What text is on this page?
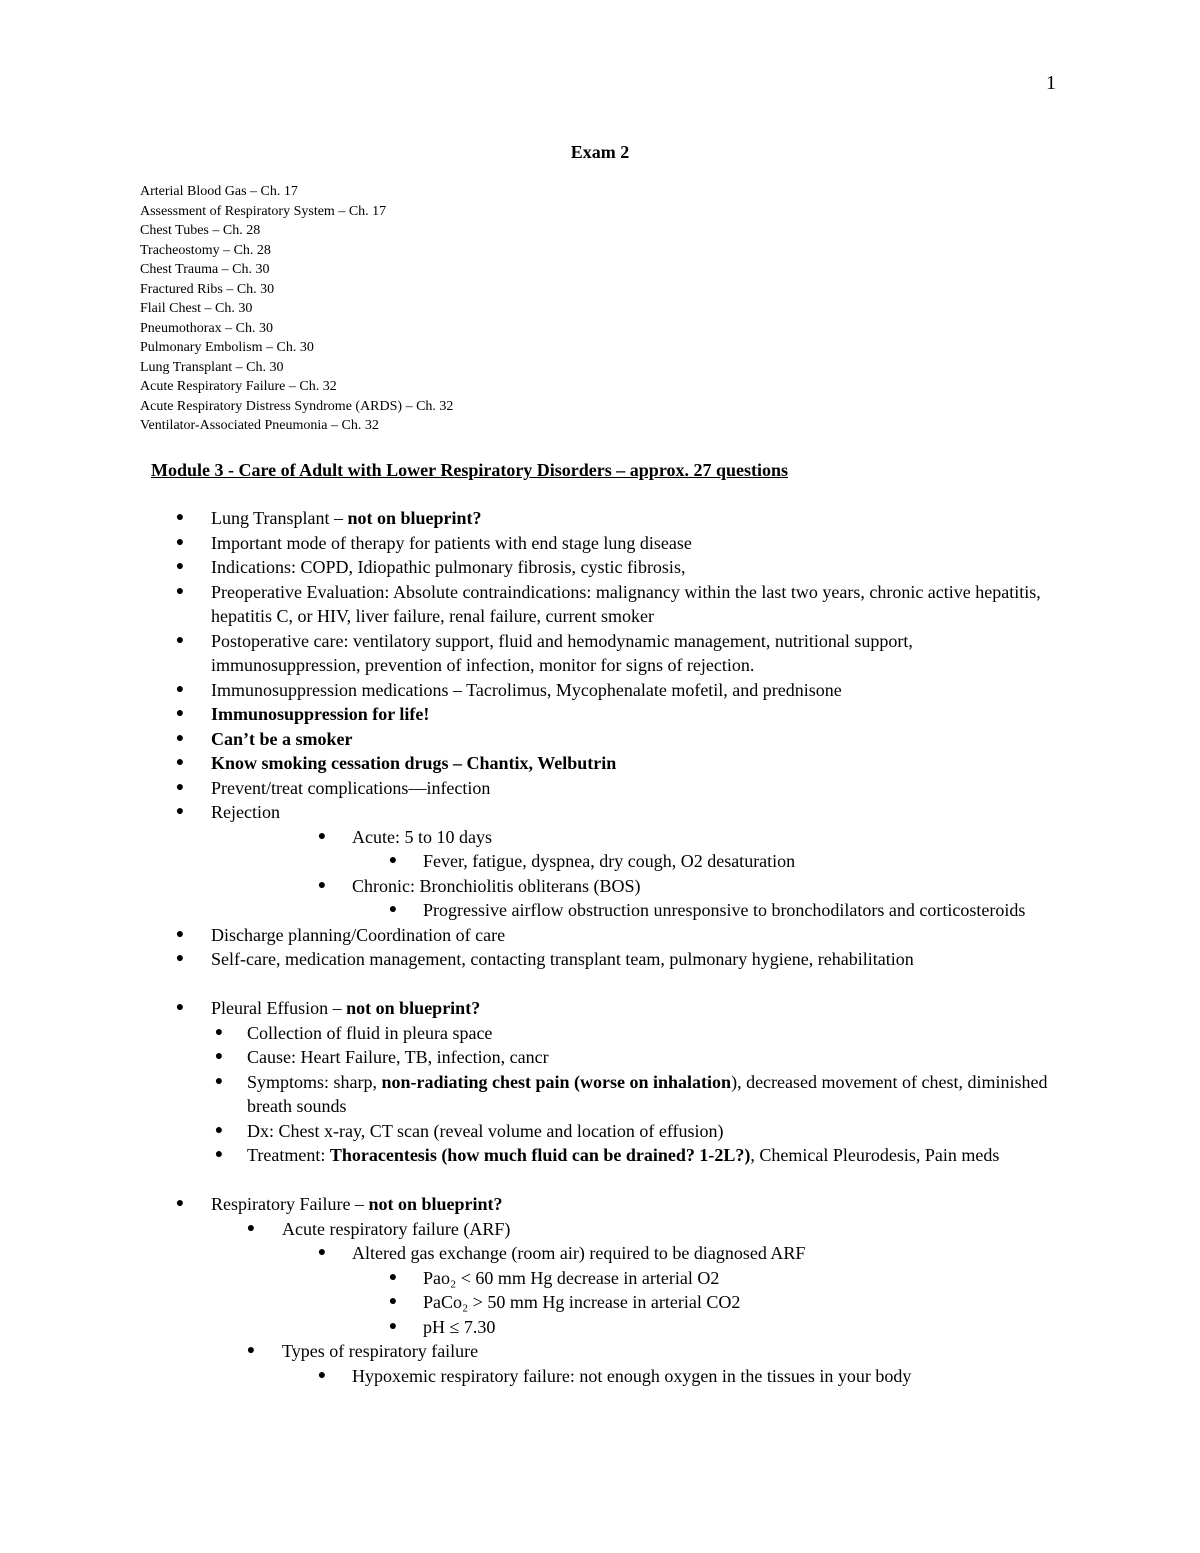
1
Exam 2
Arterial Blood Gas – Ch. 17
Assessment of Respiratory System – Ch. 17
Chest Tubes – Ch. 28
Tracheostomy – Ch. 28
Chest Trauma – Ch. 30
Fractured Ribs – Ch. 30
Flail Chest – Ch. 30
Pneumothorax – Ch. 30
Pulmonary Embolism – Ch. 30
Lung Transplant – Ch. 30
Acute Respiratory Failure – Ch. 32
Acute Respiratory Distress Syndrome (ARDS) – Ch. 32
Ventilator-Associated Pneumonia – Ch. 32
Module 3 - Care of Adult with Lower Respiratory Disorders – approx. 27 questions
●	Lung Transplant – not on blueprint?
●	Important mode of therapy for patients with end stage lung disease
●	Indications: COPD, Idiopathic pulmonary fibrosis, cystic fibrosis,
●	Preoperative Evaluation: Absolute contraindications: malignancy within the last two years, chronic active hepatitis, hepatitis C, or HIV, liver failure, renal failure, current smoker
●	Postoperative care: ventilatory support, fluid and hemodynamic management, nutritional support, immunosuppression, prevention of infection, monitor for signs of rejection.
●	Immunosuppression medications – Tacrolimus, Mycophenalate mofetil, and prednisone
●	Immunosuppression for life!
●	Can’t be a smoker
●	Know smoking cessation drugs – Chantix, Welbutrin
●	Prevent/treat complications—infection
●	Rejection
●	Acute: 5 to 10 days
●	Fever, fatigue, dyspnea, dry cough, O2 desaturation
●	Chronic: Bronchiolitis obliterans (BOS)
●	Progressive airflow obstruction unresponsive to bronchodilators and corticosteroids
●	Discharge planning/Coordination of care
●	Self-care, medication management, contacting transplant team, pulmonary hygiene, rehabilitation
●	Pleural Effusion – not on blueprint?
●	Collection of fluid in pleura space
●	Cause: Heart Failure, TB, infection, cancr
●	Symptoms: sharp, non-radiating chest pain (worse on inhalation), decreased movement of chest, diminished breath sounds
●	Dx: Chest x-ray, CT scan (reveal volume and location of effusion)
●	Treatment: Thoracentesis (how much fluid can be drained? 1-2L?), Chemical Pleurodesis, Pain meds
●	Respiratory Failure – not on blueprint?
●	Acute respiratory failure (ARF)
●	Altered gas exchange (room air) required to be diagnosed ARF
●	Pao₂ < 60 mm Hg decrease in arterial O2
●	PaCo₂ > 50 mm Hg increase in arterial CO2
●	pH ≤ 7.30
●	Types of respiratory failure
●	Hypoxemic respiratory failure: not enough oxygen in the tissues in your body
